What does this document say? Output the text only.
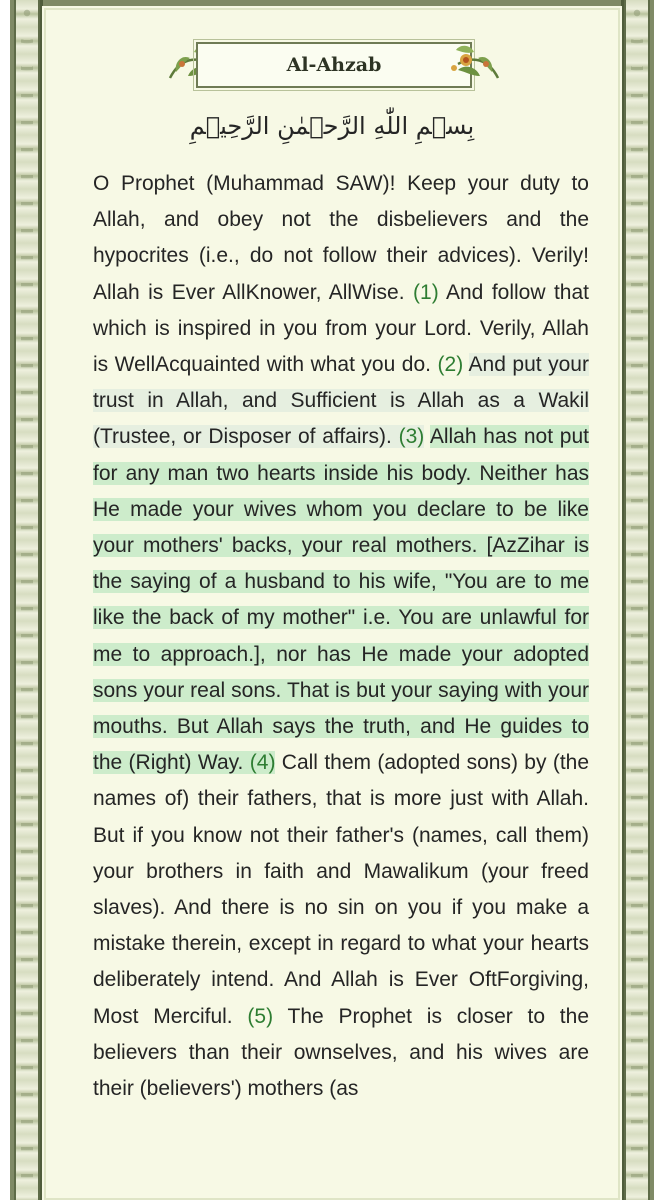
Al-Ahzab
بِسۡمِ اللّٰهِ الرَّحۡمٰنِ الرَّحِيۡمِ

O Prophet (Muhammad SAW)! Keep your duty to Allah, and obey not the disbelievers and the hypocrites (i.e., do not follow their advices). Verily! Allah is Ever AllKnower, AllWise. (1) And follow that which is inspired in you from your Lord. Verily, Allah is WellAcquainted with what you do. (2) And put your trust in Allah, and Sufficient is Allah as a Wakil (Trustee, or Disposer of affairs). (3) Allah has not put for any man two hearts inside his body. Neither has He made your wives whom you declare to be like your mothers' backs, your real mothers. [AzZihar is the saying of a husband to his wife, "You are to me like the back of my mother" i.e. You are unlawful for me to approach.], nor has He made your adopted sons your real sons. That is but your saying with your mouths. But Allah says the truth, and He guides to the (Right) Way. (4) Call them (adopted sons) by (the names of) their fathers, that is more just with Allah. But if you know not their father's (names, call them) your brothers in faith and Mawalikum (your freed slaves). And there is no sin on you if you make a mistake therein, except in regard to what your hearts deliberately intend. And Allah is Ever OftForgiving, Most Merciful. (5) The Prophet is closer to the believers than their ownselves, and his wives are their (believers') mothers (as
